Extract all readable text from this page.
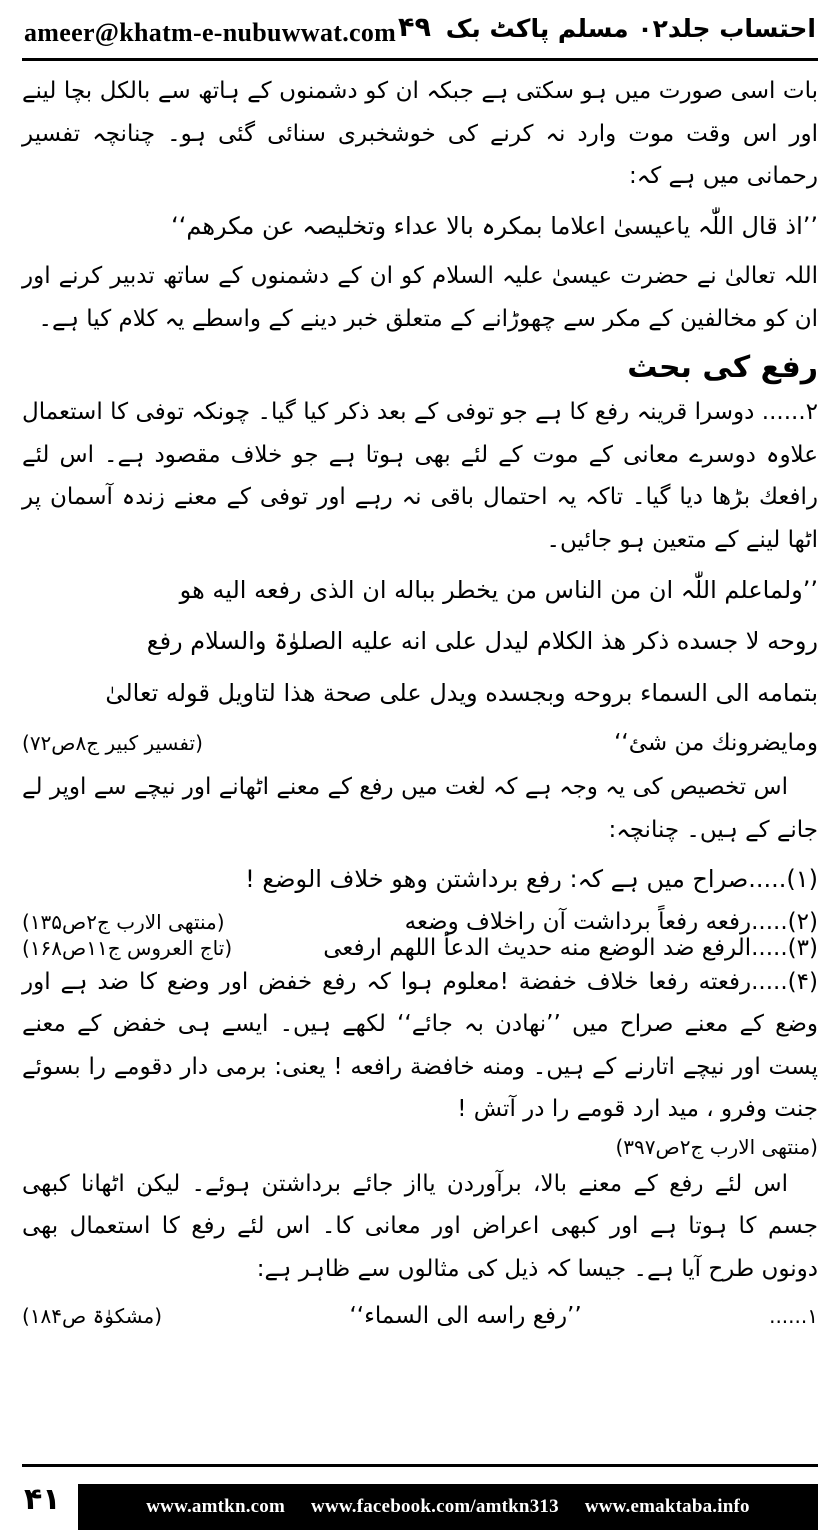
ameer@khatm-e-nubuwwat.com ۴۹ احتساب جلد۲۰ مسلم پاکٹ بک

بات اسی صورت میں ہو سکتی ہے جبکہ ان کو دشمنوں کے ہاتھ سے بالکل بچا لینے اور اس وقت موت وارد نہ کرنے کی خوشخبری سنائی گئی ہو۔ چنانچہ تفسیر رحمانی میں ہے کہ:

’’اذ قال اللّٰہ یاعیسیٰ اعلاما بمکرہ بالا عداء وتخلیصہ عن مکرھم‘‘

اللہ تعالیٰ نے حضرت عیسیٰ علیہ السلام کو ان کے دشمنوں کے ساتھ تدبیر کرنے اور ان کو مخالفین کے مکر سے چھوڑانے کے متعلق خبر دینے کے واسطے یہ کلام کیا ہے۔

رفع کی بحث

۲...... دوسرا قرینہ رفع کا ہے جو توفی کے بعد ذکر کیا گیا۔ چونکہ توفی کا استعمال علاوہ دوسرے معانی کے موت کے لئے بھی ہوتا ہے جو خلاف مقصود ہے۔ اس لئے رافعك بڑھا دیا گیا۔ تاکہ یہ احتمال باقی نہ رہے اور توفی کے معنے زندہ آسمان پر اٹھا لینے کے متعین ہو جائیں۔

’’ولماعلم اللّٰہ ان من الناس من یخطر بباله ان الذی رفعه الیه هو

روحه لا جسده ذکر هذ الکلام لیدل علی انه علیه الصلوٰۃ والسلام رفع

بتمامه الی السماء بروحه وبجسده ویدل علی صحة هذا لتاویل قوله تعالیٰ

ومایضرونك من شئ‘‘
(تفسیر کبیر ج۸ص۷۲)

اس تخصیص کی یہ وجہ ہے کہ لغت میں رفع کے معنے اٹھانے اور نیچے سے اوپر لے جانے کے ہیں۔ چنانچہ:

(۱).....صراح میں ہے کہ: رفع برداشتن وهو خلاف الوضع !

(۲).....رفعه رفعاً برداشت آن راخلاف وضعه
(منتهی الارب ج۲ص۱۳۵)
(۳).....الرفع ضد الوضع منه حدیث الدعأ اللهم ارفعی
(تاج العروس ج۱۱ص۱۶۸)

(۴).....رفعته رفعا خلاف خفضة !معلوم ہوا کہ رفع خفض اور وضع کا ضد ہے اور وضع کے معنے صراح میں ’’نهادن بہ جائے‘‘ لکھے ہیں۔ ایسے ہی خفض کے معنے پست اور نیچے اتارنے کے ہیں۔ ومنه خافضة رافعه ! یعنی: برمی دار دقومے را بسوئے جنت وفرو ، مید ارد قومے را در آتش !

(منتهی الارب ج۲ص۳۹۷)

اس لئے رفع کے معنے بالا، برآوردن یااز جائے برداشتن ہوئے۔ لیکن اٹھانا کبھی جسم کا ہوتا ہے اور کبھی اعراض اور معانی کا۔ اس لئے رفع کا استعمال بھی دونوں طرح آیا ہے۔ جیسا کہ ذیل کی مثالوں سے ظاہر ہے:

۱......
’’رفع راسه الی السماء‘‘
(مشکوٰۃ ص۱۸۴)
۴۱	www.amtkn.com www.facebook.com/amtkn313 www.emaktaba.info
